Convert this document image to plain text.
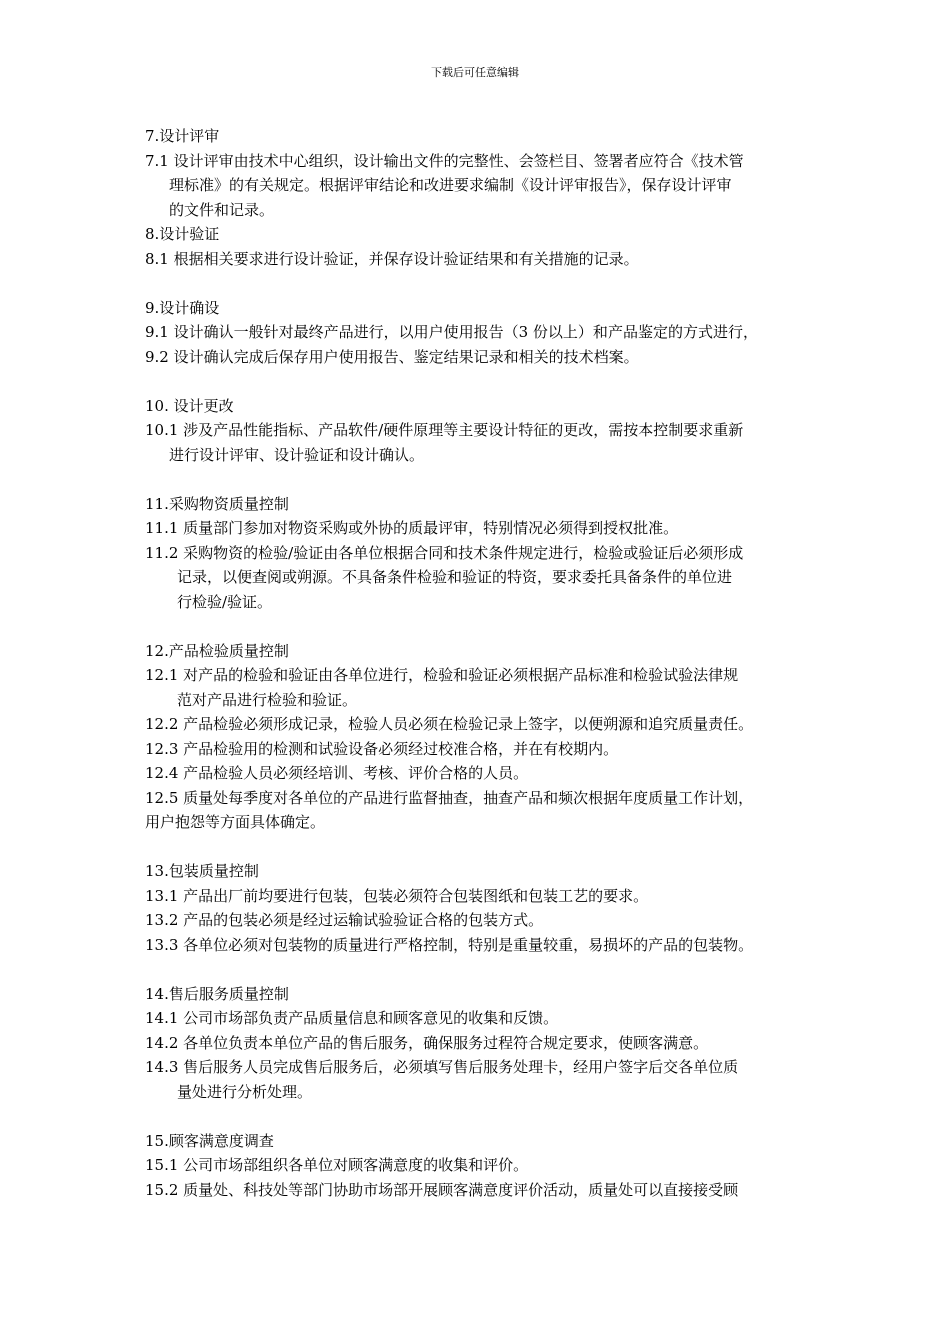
下载后可任意编辑
7.设计评审
7.1 设计评审由技术中心组织，设计输出文件的完整性、会签栏目、签署者应符合《技术管
理标准》的有关规定。根据评审结论和改进要求编制《设计评审报告》，保存设计评审
的文件和记录。
8.设计验证
8.1 根据相关要求进行设计验证，并保存设计验证结果和有关措施的记录。
9.设计确设
9.1 设计确认一般针对最终产品进行，以用户使用报告（3 份以上）和产品鉴定的方式进行，
9.2 设计确认完成后保存用户使用报告、鉴定结果记录和相关的技术档案。
10. 设计更改
10.1 涉及产品性能指标、产品软件/硬件原理等主要设计特征的更改，需按本控制要求重新
进行设计评审、设计验证和设计确认。
11.采购物资质量控制
11.1 质量部门参加对物资采购或外协的质最评审，特别情况必须得到授权批准。
11.2 采购物资的检验/验证由各单位根据合同和技术条件规定进行，检验或验证后必须形成
记录，以便查阅或朔源。不具备条件检验和验证的特资，要求委托具备条件的单位进
行检验/验证。
12.产品检验质量控制
12.1 对产品的检验和验证由各单位进行，检验和验证必须根据产品标准和检验试验法律规
范对产品进行检验和验证。
12.2 产品检验必须形成记录，检验人员必须在检验记录上签字，以便朔源和追究质量责任。
12.3 产品检验用的检测和试验设备必须经过校准合格，并在有校期内。
12.4 产品检验人员必须经培训、考核、评价合格的人员。
12.5 质量处每季度对各单位的产品进行监督抽查，抽查产品和频次根据年度质量工作计划，
用户抱怨等方面具体确定。
13.包装质量控制
13.1 产品出厂前均要进行包装，包装必须符合包装图纸和包装工艺的要求。
13.2 产品的包装必须是经过运输试验验证合格的包装方式。
13.3 各单位必须对包装物的质量进行严格控制，特别是重量较重，易损坏的产品的包装物。
14.售后服务质量控制
14.1 公司市场部负责产品质量信息和顾客意见的收集和反馈。
14.2 各单位负责本单位产品的售后服务，确保服务过程符合规定要求，使顾客满意。
14.3 售后服务人员完成售后服务后，必须填写售后服务处理卡，经用户签字后交各单位质
量处进行分析处理。
15.顾客满意度调查
15.1 公司市场部组织各单位对顾客满意度的收集和评价。
15.2 质量处、科技处等部门协助市场部开展顾客满意度评价活动，质量处可以直接接受顾
